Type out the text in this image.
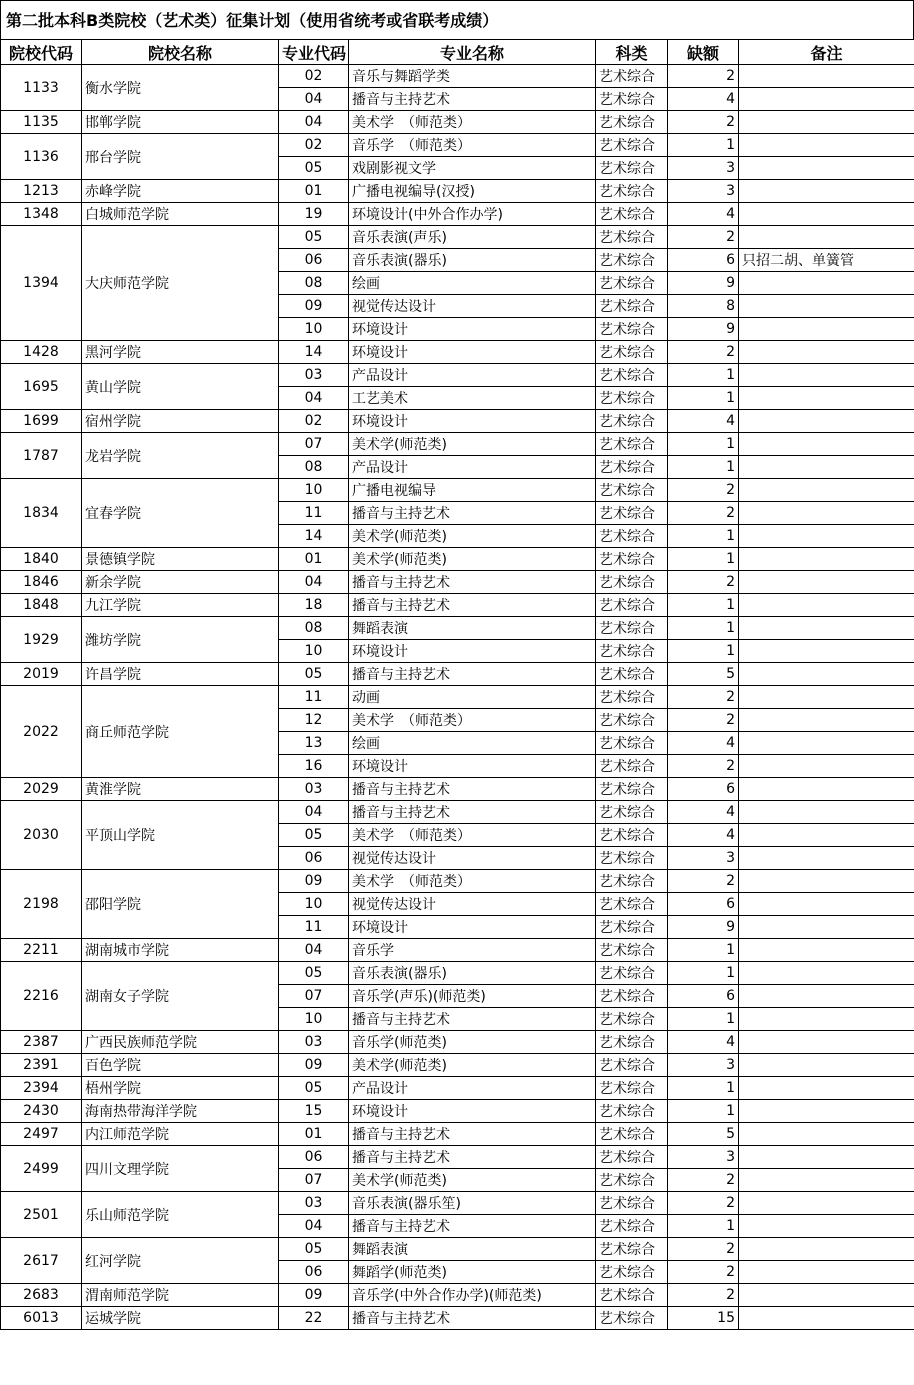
第二批本科B类院校（艺术类）征集计划（使用省统考或省联考成绩）
院校代码	院校名称	专业代码	专业名称	科类	缺额	备注
1133	衡水学院	02	音乐与舞蹈学类	艺术综合	2	
		04	播音与主持艺术	艺术综合	4	
1135	邯郸学院	04	美术学　（师范类）	艺术综合	2	
1136	邢台学院	02	音乐学　（师范类）	艺术综合	1	
		05	戏剧影视文学	艺术综合	3	
1213	赤峰学院	01	广播电视编导(汉授)	艺术综合	3	
1348	白城师范学院	19	环境设计(中外合作办学)	艺术综合	4	
1394	大庆师范学院	05	音乐表演(声乐)	艺术综合	2	
		06	音乐表演(器乐)	艺术综合	6	只招二胡、单簧管
		08	绘画	艺术综合	9	
		09	视觉传达设计	艺术综合	8	
		10	环境设计	艺术综合	9	
1428	黑河学院	14	环境设计	艺术综合	2	
1695	黄山学院	03	产品设计	艺术综合	1	
		04	工艺美术	艺术综合	1	
1699	宿州学院	02	环境设计	艺术综合	4	
1787	龙岩学院	07	美术学(师范类)	艺术综合	1	
		08	产品设计	艺术综合	1	
1834	宜春学院	10	广播电视编导	艺术综合	2	
		11	播音与主持艺术	艺术综合	2	
		14	美术学(师范类)	艺术综合	1	
1840	景德镇学院	01	美术学(师范类)	艺术综合	1	
1846	新余学院	04	播音与主持艺术	艺术综合	2	
1848	九江学院	18	播音与主持艺术	艺术综合	1	
1929	潍坊学院	08	舞蹈表演	艺术综合	1	
		10	环境设计	艺术综合	1	
2019	许昌学院	05	播音与主持艺术	艺术综合	5	
2022	商丘师范学院	11	动画	艺术综合	2	
		12	美术学　（师范类）	艺术综合	2	
		13	绘画	艺术综合	4	
		16	环境设计	艺术综合	2	
2029	黄淮学院	03	播音与主持艺术	艺术综合	6	
2030	平顶山学院	04	播音与主持艺术	艺术综合	4	
		05	美术学　（师范类）	艺术综合	4	
		06	视觉传达设计	艺术综合	3	
2198	邵阳学院	09	美术学　（师范类）	艺术综合	2	
		10	视觉传达设计	艺术综合	6	
		11	环境设计	艺术综合	9	
2211	湖南城市学院	04	音乐学	艺术综合	1	
2216	湖南女子学院	05	音乐表演(器乐)	艺术综合	1	
		07	音乐学(声乐)(师范类)	艺术综合	6	
		10	播音与主持艺术	艺术综合	1	
2387	广西民族师范学院	03	音乐学(师范类)	艺术综合	4	
2391	百色学院	09	美术学(师范类)	艺术综合	3	
2394	梧州学院	05	产品设计	艺术综合	1	
2430	海南热带海洋学院	15	环境设计	艺术综合	1	
2497	内江师范学院	01	播音与主持艺术	艺术综合	5	
2499	四川文理学院	06	播音与主持艺术	艺术综合	3	
		07	美术学(师范类)	艺术综合	2	
2501	乐山师范学院	03	音乐表演(器乐笙)	艺术综合	2	
		04	播音与主持艺术	艺术综合	1	
2617	红河学院	05	舞蹈表演	艺术综合	2	
		06	舞蹈学(师范类)	艺术综合	2	
2683	渭南师范学院	09	音乐学(中外合作办学)(师范类)	艺术综合	2	
6013	运城学院	22	播音与主持艺术	艺术综合	15	
